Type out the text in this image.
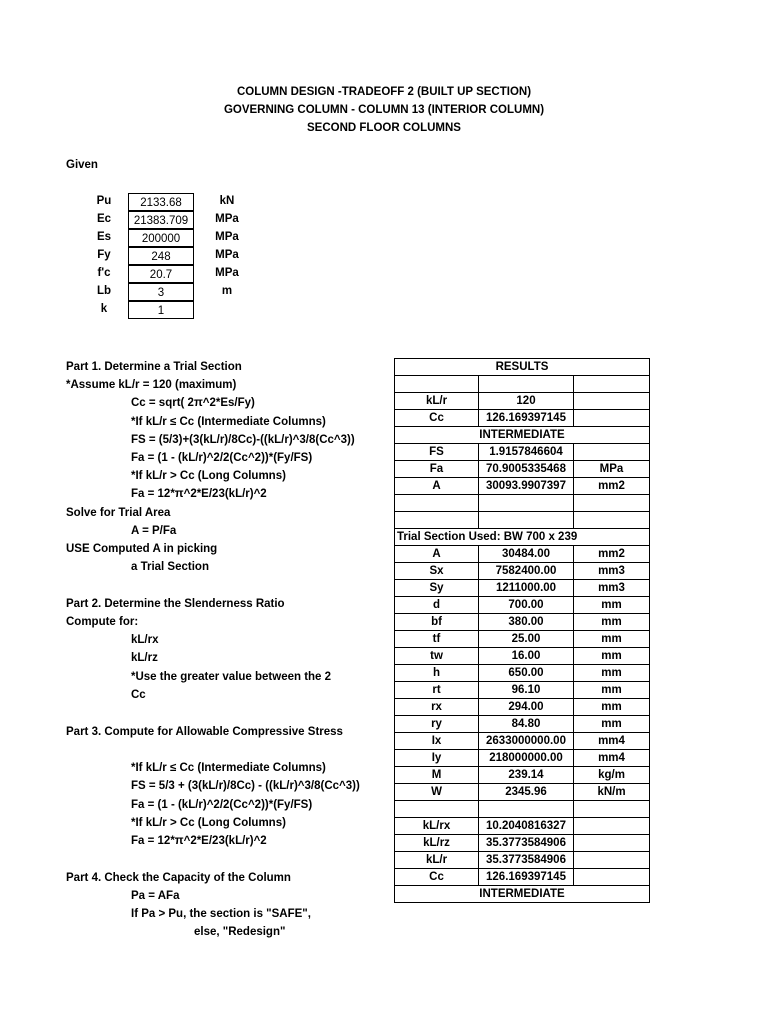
COLUMN DESIGN -TRADEOFF 2 (BUILT UP SECTION)
GOVERNING COLUMN - COLUMN 13 (INTERIOR COLUMN)
SECOND FLOOR COLUMNS
Given
Pu	2133.68	kN
Ec	21383.709	MPa
Es	200000	MPa
Fy	248	MPa
f'c	20.7	MPa
Lb	3	m
k	1
Part 1. Determine a Trial Section
*Assume kL/r = 120 (maximum)
Cc = sqrt( 2π^2*Es/Fy)
*If kL/r ≤ Cc (Intermediate Columns)
FS = (5/3)+(3(kL/r)/8Cc)-((kL/r)^3/8(Cc^3))
Fa = (1 - (kL/r)^2/2(Cc^2))*(Fy/FS)
*If kL/r > Cc (Long Columns)
Fa = 12*π^2*E/23(kL/r)^2
Solve for Trial Area
A = P/Fa
USE Computed A in picking
a Trial Section
Part 2. Determine the Slenderness Ratio
Compute for:
kL/rx
kL/rz
*Use the greater value between the 2
Cc
Part 3. Compute for Allowable Compressive Stress
*If kL/r ≤ Cc (Intermediate Columns)
FS = 5/3 + (3(kL/r)/8Cc) - ((kL/r)^3/8(Cc^3))
Fa = (1 - (kL/r)^2/2(Cc^2))*(Fy/FS)
*If kL/r > Cc (Long Columns)
Fa = 12*π^2*E/23(kL/r)^2
Part 4. Check the Capacity of the Column
Pa = AFa
If Pa > Pu, the section is "SAFE",
else, "Redesign"
RESULTS		

kL/r	120	
Cc	126.169397145	
INTERMEDIATE		
FS	1.9157846604	
Fa	70.9005335468	MPa
A	30093.9907397	mm2

Trial Section Used: BW 700 x 239		
A	30484.00	mm2
Sx	7582400.00	mm3
Sy	1211000.00	mm3
d	700.00	mm
bf	380.00	mm
tf	25.00	mm
tw	16.00	mm
h	650.00	mm
rt	96.10	mm
rx	294.00	mm
ry	84.80	mm
Ix	2633000000.00	mm4
Iy	218000000.00	mm4
M	239.14	kg/m
W	2345.96	kN/m

kL/rx	10.2040816327	
kL/rz	35.3773584906	
kL/r	35.3773584906	
Cc	126.169397145	
INTERMEDIATE		
